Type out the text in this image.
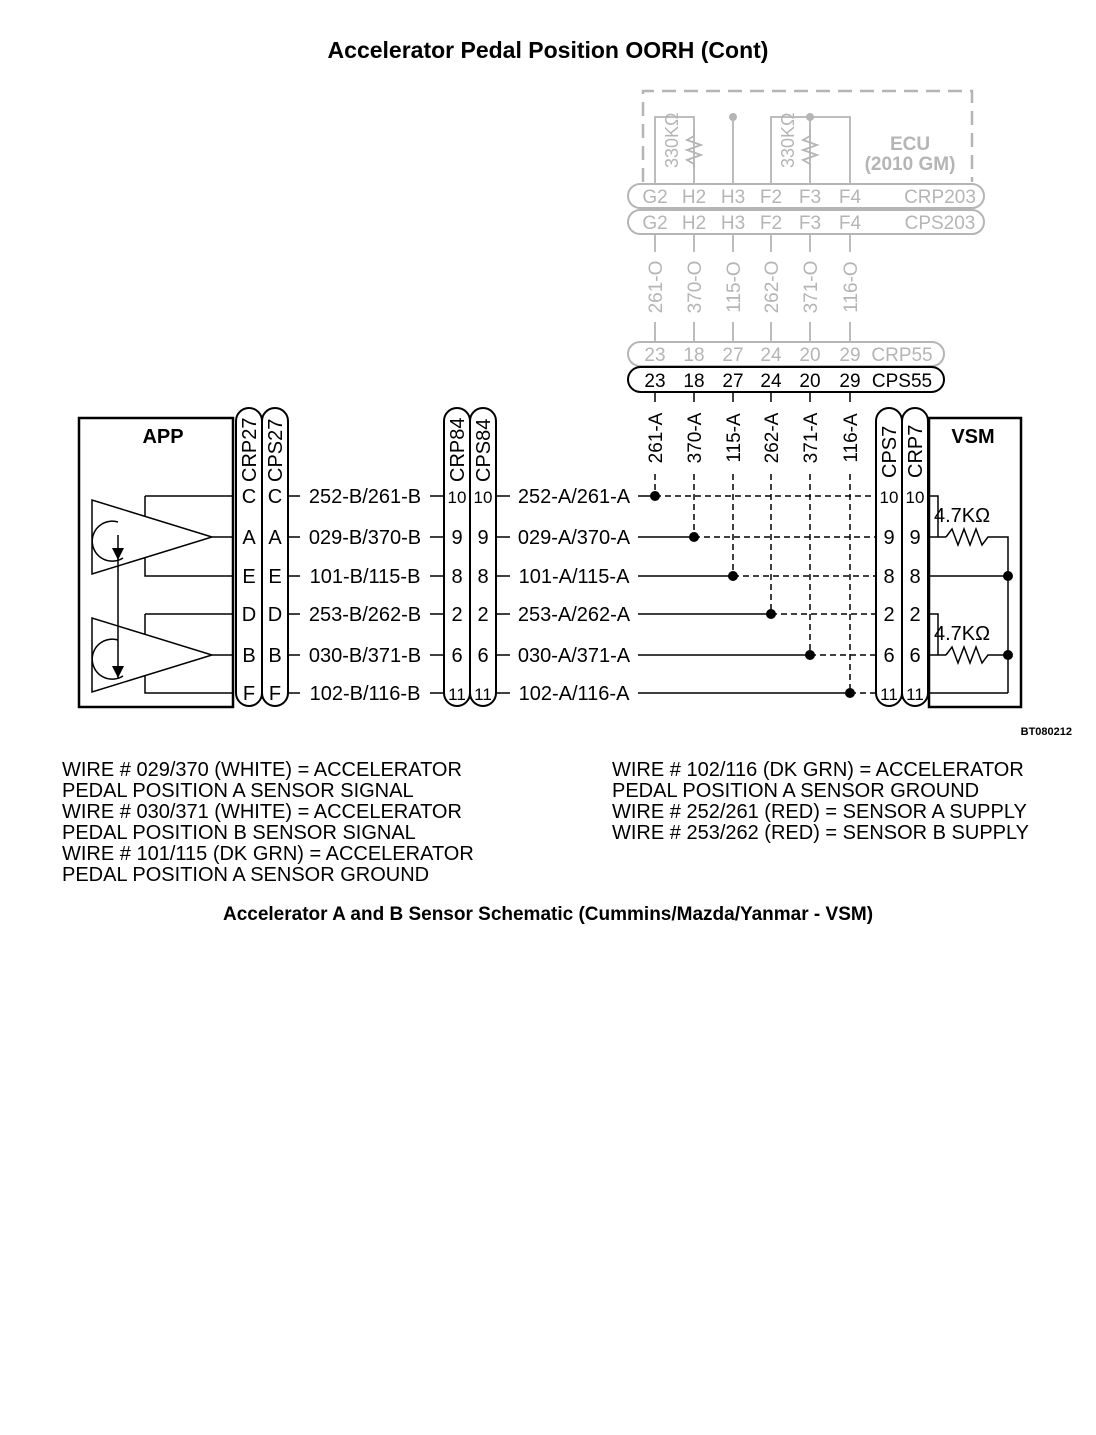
Accelerator Pedal Position OORH (Cont)
APP	VSM
CRP27 CPS27	CRP84 CPS84	CPS7 CRP7
4.7KΩ
4.7KΩ
ECU
(2010 GM)
330KΩ	330KΩ
CRP203
CPS203
CRP55
CPS55
BT080212
C C 252-B/261-B 10 10 252-A/261-A	10 10
A A 029-B/370-B 9 9 029-A/370-A	9 9
E E 101-B/115-B 8 8 101-A/115-A	8 8
D D 253-B/262-B 2 2 253-A/262-A	2 2
B B 030-B/371-B 6 6 030-A/371-A	6 6
F F 102-B/116-B 11 11 102-A/116-A	11 11
G2
G2
H2
H2
H3
H3
F2
F2
F3
F3
F4
F4
261-O 370-O 115-O 262-O 371-O 116-O
23 18 27 24 20 29
23 18 27 24 20 29
261-A 370-A 115-A 262-A 371-A 116-A
WIRE # 029/370 (WHITE) = ACCELERATOR
PEDAL POSITION A SENSOR SIGNAL
WIRE # 030/371 (WHITE) = ACCELERATOR
PEDAL POSITION B SENSOR SIGNAL
WIRE # 101/115 (DK GRN) = ACCELERATOR
PEDAL POSITION A SENSOR GROUND
WIRE # 102/116 (DK GRN) = ACCELERATOR
PEDAL POSITION A SENSOR GROUND
WIRE # 252/261 (RED) = SENSOR A SUPPLY
WIRE # 253/262 (RED) = SENSOR B SUPPLY
Accelerator A and B Sensor Schematic (Cummins/Mazda/Yanmar - VSM)
